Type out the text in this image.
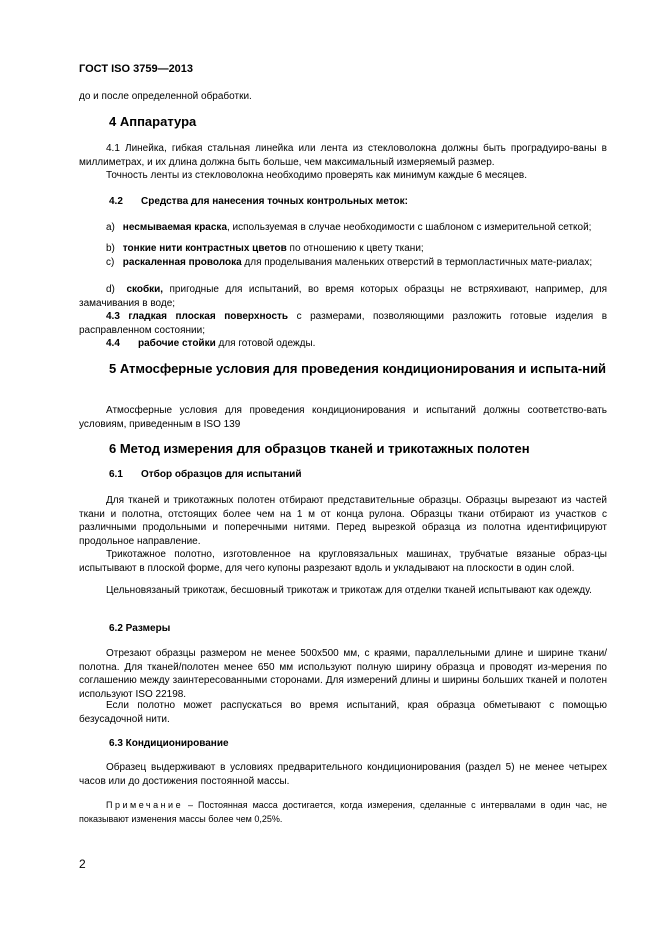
ГОСТ ISO 3759—2013

до и после определенной обработки.

4 Аппаратура

4.1 Линейка, гибкая стальная линейка или лента из стекловолокна должны быть проградуиро-ваны в миллиметрах, и их длина должна быть больше, чем максимальный измеряемый размер.

Точность ленты из стекловолокна необходимо проверять как минимум каждые 6 месяцев.

4.2 Средства для нанесения точных контрольных меток:

a) несмываемая краска, используемая в случае необходимости с шаблоном с измерительной сеткой;

b) тонкие нити контрастных цветов по отношению к цвету ткани;

c) раскаленная проволока для проделывания маленьких отверстий в термопластичных мате-риалах;

d) скобки, пригодные для испытаний, во время которых образцы не встряхивают, например, для замачивания в воде;

4.3 гладкая плоская поверхность с размерами, позволяющими разложить готовые изделия в расправленном состоянии;

4.4 рабочие стойки для готовой одежды.

5 Атмосферные условия для проведения кондиционирования и испыта-ний

Атмосферные условия для проведения кондиционирования и испытаний должны соответство-вать условиям, приведенным в ISO 139

6 Метод измерения для образцов тканей и трикотажных полотен
6.1 Отбор образцов для испытаний

Для тканей и трикотажных полотен отбирают представительные образцы. Образцы вырезают из частей ткани и полотна, отстоящих более чем на 1 м от конца рулона. Образцы ткани отбирают из участков с различными продольными и поперечными нитями. Перед вырезкой образца из полотна идентифицируют продольное направление.

Трикотажное полотно, изготовленное на кругловязальных машинах, трубчатые вязаные образ-цы испытывают в плоской форме, для чего купоны разрезают вдоль и укладывают на плоскости в один слой.

Цельновязаный трикотаж, бесшовный трикотаж и трикотаж для отделки тканей испытывают как одежду.

6.2 Размеры

Отрезают образцы размером не менее 500х500 мм, с краями, параллельными длине и ширине ткани/полотна. Для тканей/полотен менее 650 мм используют полную ширину образца и проводят из-мерения по соглашению между заинтересованными сторонами. Для измерений длины и ширины больших тканей и полотен используют ISO 22198.

Если полотно может распускаться во время испытаний, края образца обметывают с помощью безусадочной нити.

6.3 Кондиционирование

Образец выдерживают в условиях предварительного кондиционирования (раздел 5) не менее четырех часов или до достижения постоянной массы.

Примечание – Постоянная масса достигается, когда измерения, сделанные с интервалами в один час, не показывают изменения массы более чем 0,25%.

2
